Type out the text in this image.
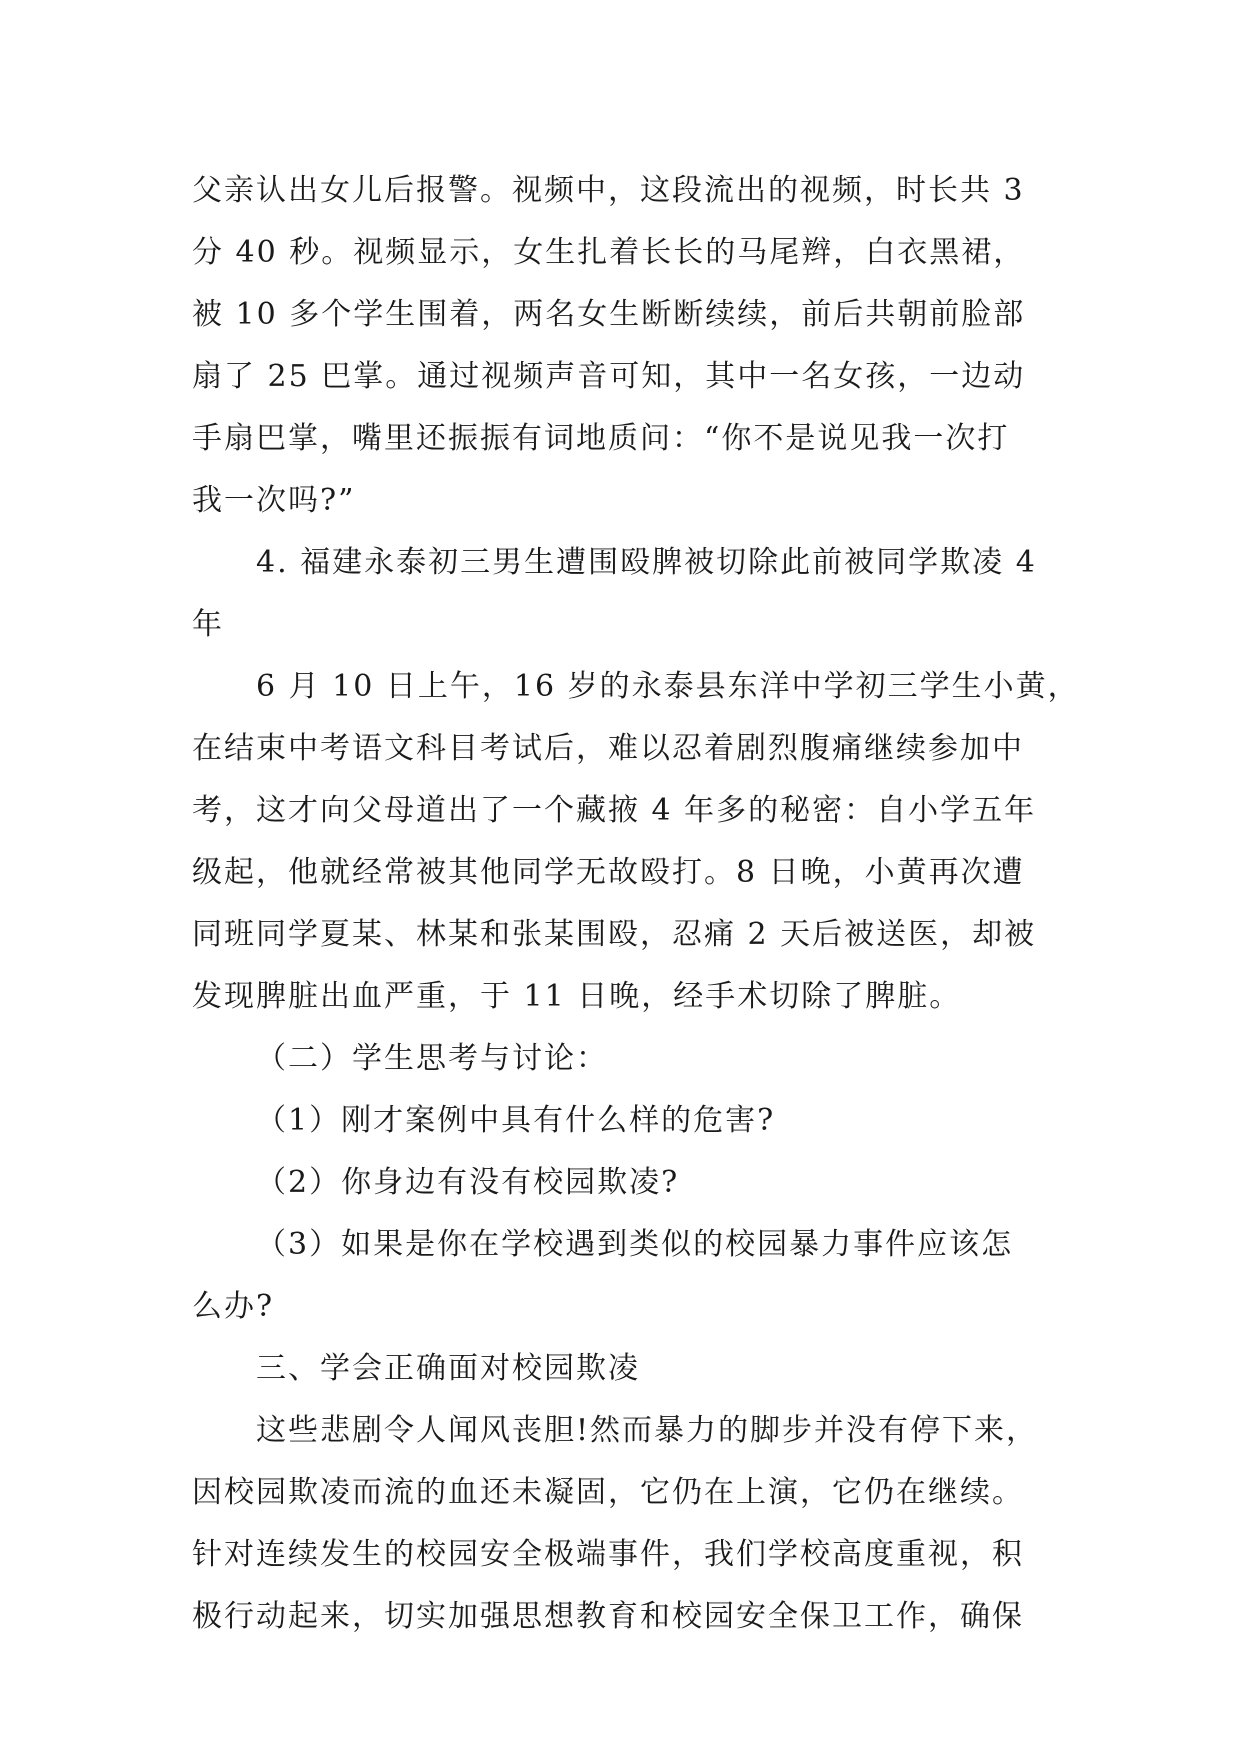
父亲认出女儿后报警。视频中，这段流出的视频，时长共 3
分 40 秒。视频显示，女生扎着长长的马尾辫，白衣黑裙，
被 10 多个学生围着，两名女生断断续续，前后共朝前脸部
扇了 25 巴掌。通过视频声音可知，其中一名女孩，一边动
手扇巴掌，嘴里还振振有词地质问：“你不是说见我一次打
我一次吗?”
4. 福建永泰初三男生遭围殴脾被切除此前被同学欺凌 4
年
6 月 10 日上午，16 岁的永泰县东洋中学初三学生小黄，
在结束中考语文科目考试后，难以忍着剧烈腹痛继续参加中
考，这才向父母道出了一个藏掖 4 年多的秘密：自小学五年
级起，他就经常被其他同学无故殴打。8 日晚，小黄再次遭
同班同学夏某、林某和张某围殴，忍痛 2 天后被送医，却被
发现脾脏出血严重，于 11 日晚，经手术切除了脾脏。
（二）学生思考与讨论：
（1）刚才案例中具有什么样的危害?
（2）你身边有没有校园欺凌?
（3）如果是你在学校遇到类似的校园暴力事件应该怎
么办?
三、学会正确面对校园欺凌
这些悲剧令人闻风丧胆!然而暴力的脚步并没有停下来，
因校园欺凌而流的血还未凝固，它仍在上演，它仍在继续。
针对连续发生的校园安全极端事件，我们学校高度重视，积
极行动起来，切实加强思想教育和校园安全保卫工作，确保
